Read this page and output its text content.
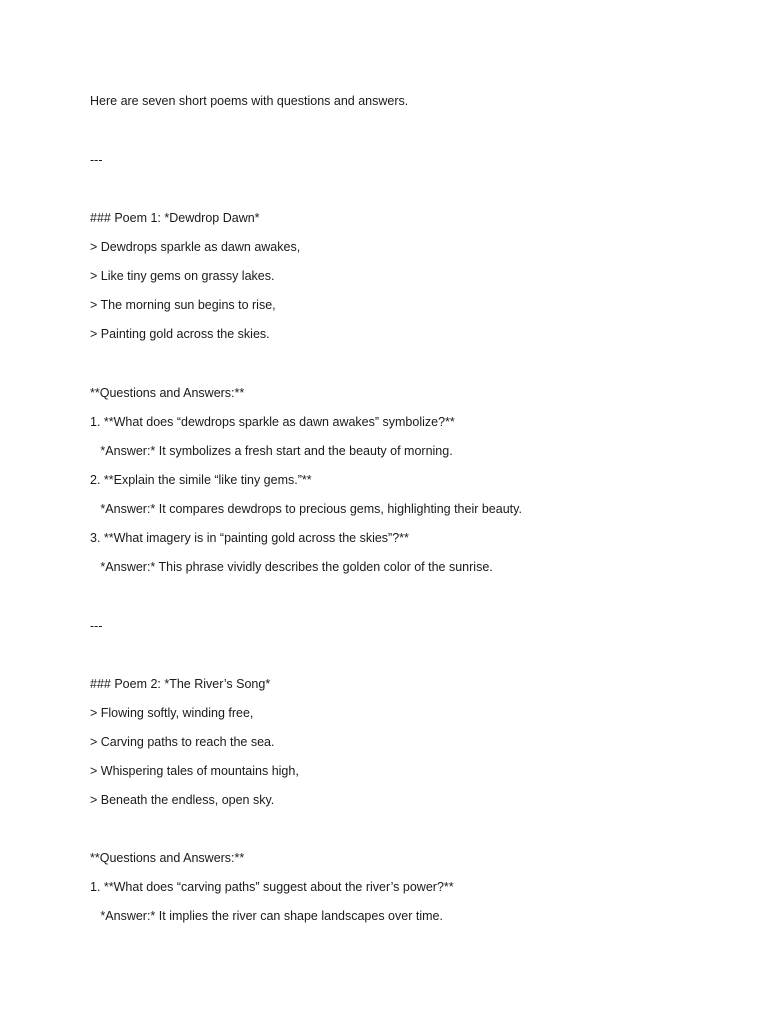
Here are seven short poems with questions and answers.

---

### Poem 1: *Dewdrop Dawn*

> Dewdrops sparkle as dawn awakes,

> Like tiny gems on grassy lakes.

> The morning sun begins to rise,

> Painting gold across the skies.

**Questions and Answers:**

1. **What does “dewdrops sparkle as dawn awakes” symbolize?**

*Answer:* It symbolizes a fresh start and the beauty of morning.

2. **Explain the simile “like tiny gems.”**

*Answer:* It compares dewdrops to precious gems, highlighting their beauty.

3. **What imagery is in “painting gold across the skies”?**

*Answer:* This phrase vividly describes the golden color of the sunrise.

---

### Poem 2: *The River’s Song*

> Flowing softly, winding free,

> Carving paths to reach the sea.

> Whispering tales of mountains high,

> Beneath the endless, open sky.

**Questions and Answers:**

1. **What does “carving paths” suggest about the river’s power?**

*Answer:* It implies the river can shape landscapes over time.
